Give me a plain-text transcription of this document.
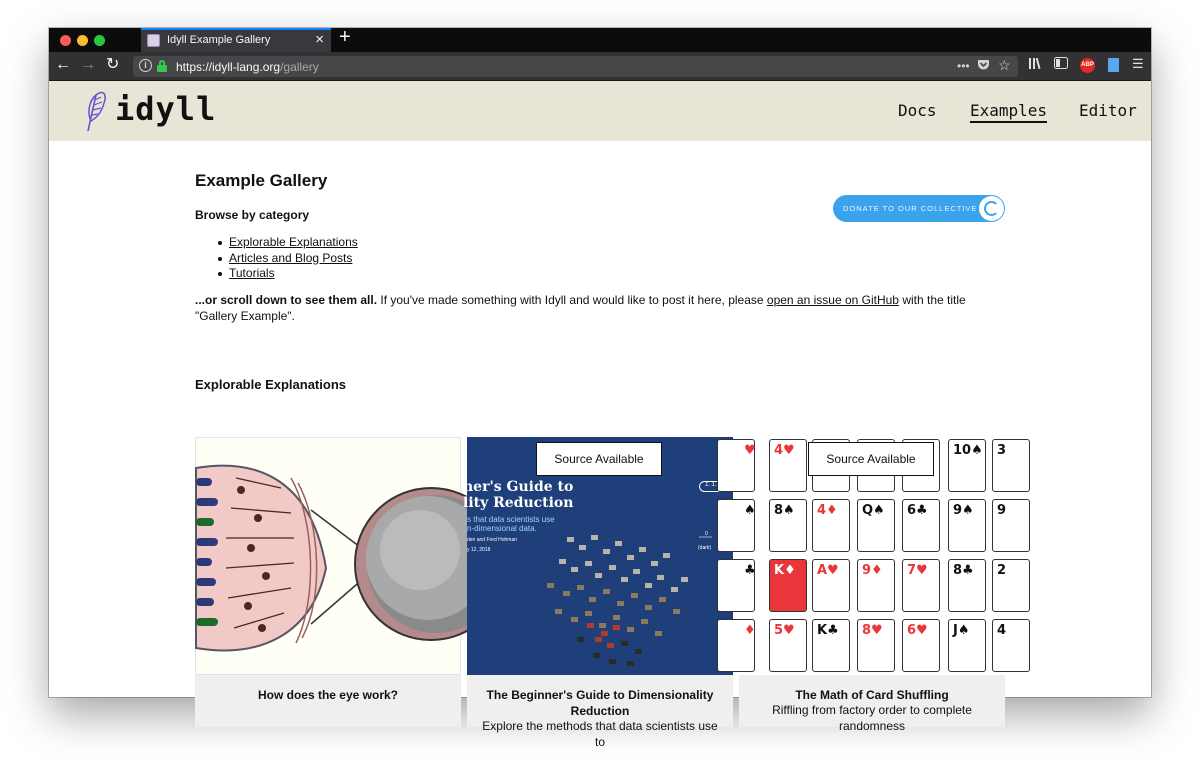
Idyll Example Gallery	× +
← → ↻	i	https://idyll-lang.org/gallery	••• ☆	ABP	☰
idyll	Docs Examples Editor
Example Gallery
Browse by category
Explorable Explanations
Articles and Blog Posts
Tutorials

...or scroll down to see them all. If you've made something with Idyll and would like to post it here, please open an issue on GitHub with the title "Gallery Example".

DONATE TO OUR COLLECTIVE
Explorable Explanations
How does the eye work?
ner's Guide to
lity Reduction
s that data scientists use
n-dimensional data.
den and Fred Hohman
y 12, 2018
1. 1.
0
(dark)
Source Available
The Beginner's Guide to Dimensionality Reduction
Explore the methods that data scientists use to
♥ 4♥	10♠ 3
♠ 8♠ 4♦ Q♠ 6♣ 9♠ 9
♣ K♦ A♥ 9♦ 7♥ 8♣ 2
♦ 5♥ K♣ 8♥ 6♥ J♠ 4
Source Available
The Math of Card Shuffling
Riffling from factory order to complete randomness
